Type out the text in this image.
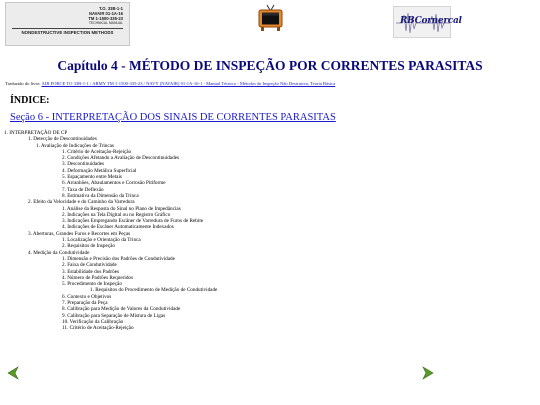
T.O. 33B-1-1
NAVAIR 01-1A-16
TM 1-1500-335-23
TECHNICAL MANUAL
NONDESTRUCTIVE INSPECTION METHODS
RBCornercal
Capítulo 4 - MÉTODO DE INSPEÇÃO POR CORRENTES PARASITAS
Traduzido do livro: AIR FORCE TO 33B-1-1 / ARMY TM 1-1500-335-23 / NAVY (NAVAIR) 01-1A-16-1 - Manual Técnico - Métodos de Inspeção Não Destrutiva, Teoria Básica
ÍNDICE:
Seção 6 - INTERPRETAÇÃO DOS SINAIS DE CORRENTES PARASITAS
1. INTERPRETAÇÃO DE CP
1. Detecção de Descontinuidades
1. Avaliação de Indicações de Trincas
1. Critério de Aceitação-Rejeição
2. Condições Afetando a Avaliação de Descontinuidades
3. Descontinuidades
4. Deformação Metálica Superficial
5. Espaçamento entre Metais
6. Arranhões, Abaulamentos e Corrosão Pitiforme
7. Taxa de Deflexão
8. Estimativa da Dimensão da Trinca
2. Efeito da Velocidade e do Caminho da Varredura
1. Análise da Resposta do Sinal no Plano de Impedâncias
2. Indicações na Tela Digital ou no Registro Gráfico
3. Indicações Empregando Escâner de Varredura de Furos de Rebite
4. Indicações de Escâner Automaticamente Indexados
3. Aberturas, Grandes Furos e Recortes em Peças
1. Localização e Orientação da Trinca
2. Requisitos de Inspeção
4. Medição da Condutividade
1. Dimensão e Precisão dos Padrões de Condutividade
2. Faixa de Condutividade
3. Estabilidade dos Padrões
4. Número de Padrões Requeridos
5. Procedimento de Inspeção
1. Requisitos do Procedimento de Medição de Condutividade
6. Contexto e Objetivos
7. Preparação da Peça
8. Calibração para Medição de Valores da Condutividade
9. Calibração para Separação de Mistura de Ligas
10. Verificação da Calibração
11. Critério de Aceitação-Rejeição
